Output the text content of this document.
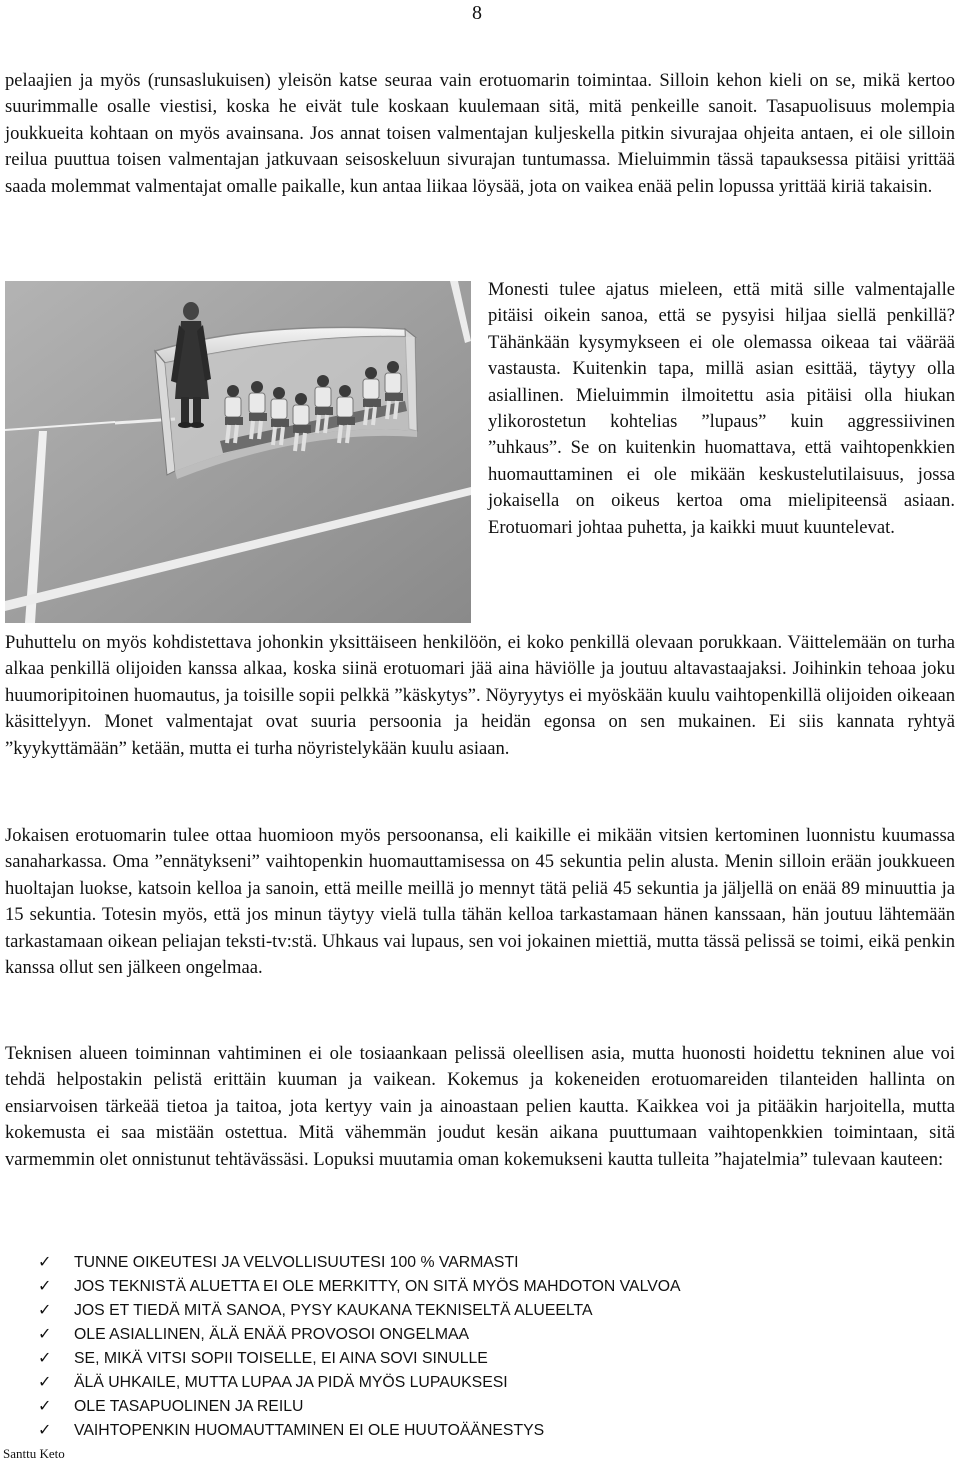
8

pelaajien ja myös (runsaslukuisen) yleisön katse seuraa vain erotuomarin toimintaa. Silloin kehon kieli on se, mikä kertoo suurimmalle osalle viestisi, koska he eivät tule koskaan kuulemaan sitä, mitä penkeille sanoit. Tasapuolisuus molempia joukkueita kohtaan on myös avainsana. Jos annat toisen valmentajan kuljeskella pitkin sivurajaa ohjeita antaen, ei ole silloin reilua puuttua toisen valmentajan jatkuvaan seisoskeluun sivurajan tuntumassa. Mieluimmin tässä tapauksessa pitäisi yrittää saada molemmat valmentajat omalle paikalle, kun antaa liikaa löysää, jota on vaikea enää pelin lopussa yrittää kiriä takaisin.

Monesti tulee ajatus mieleen, että mitä sille valmentajalle pitäisi oikein sanoa, että se pysyisi hiljaa siellä penkillä? Tähänkään kysymykseen ei ole olemassa oikeaa tai väärää vastausta. Kuitenkin tapa, millä asian esittää, täytyy olla asiallinen. Mieluimmin ilmoitettu asia pitäisi olla hiukan ylikorostetun kohtelias ”lupaus” kuin aggressiivinen ”uhkaus”. Se on kuitenkin huomattava, että vaihtopenkkien huomauttaminen ei ole mikään keskustelutilaisuus, jossa jokaisella on oikeus kertoa oma mielipiteensä asiaan. Erotuomari johtaa puhetta, ja kaikki muut kuuntelevat.

Puhuttelu on myös kohdistettava johonkin yksittäiseen henkilöön, ei koko penkillä olevaan porukkaan. Väittelemään on turha alkaa penkillä olijoiden kanssa alkaa, koska siinä erotuomari jää aina häviölle ja joutuu altavastaajaksi. Joihinkin tehoaa joku huumoripitoinen huomautus, ja toisille sopii pelkkä ”käskytys”. Nöyryytys ei myöskään kuulu vaihtopenkillä olijoiden oikeaan käsittelyyn. Monet valmentajat ovat suuria persoonia ja heidän egonsa on sen mukainen. Ei siis kannata ryhtyä ”kyykyttämään” ketään, mutta ei turha nöyristelykään kuulu asiaan.

Jokaisen erotuomarin tulee ottaa huomioon myös persoonansa, eli kaikille ei mikään vitsien kertominen luonnistu kuumassa sanaharkassa. Oma ”ennätykseni” vaihtopenkin huomauttamisessa on 45 sekuntia pelin alusta. Menin silloin erään joukkueen huoltajan luokse, katsoin kelloa ja sanoin, että meille meillä jo mennyt tätä peliä 45 sekuntia ja jäljellä on enää 89 minuuttia ja 15 sekuntia. Totesin myös, että jos minun täytyy vielä tulla tähän kelloa tarkastamaan hänen kanssaan, hän joutuu lähtemään tarkastamaan oikean peliajan teksti-tv:stä. Uhkaus vai lupaus, sen voi jokainen miettiä, mutta tässä pelissä se toimi, eikä penkin kanssa ollut sen jälkeen ongelmaa.

Teknisen alueen toiminnan vahtiminen ei ole tosiaankaan pelissä oleellisen asia, mutta huonosti hoidettu tekninen alue voi tehdä helpostakin pelistä erittäin kuuman ja vaikean. Kokemus ja kokeneiden erotuomareiden tilanteiden hallinta on ensiarvoisen tärkeää tietoa ja taitoa, jota kertyy vain ja ainoastaan pelien kautta. Kaikkea voi ja pitääkin harjoitella, mutta kokemusta ei saa mistään ostettua. Mitä vähemmän joudut kesän aikana puuttumaan vaihtopenkkien toimintaan, sitä varmemmin olet onnistunut tehtävässäsi. Lopuksi muutamia oman kokemukseni kautta tulleita ”hajatelmia” tulevaan kauteen:

✓	TUNNE OIKEUTESI JA VELVOLLISUUTESI 100 % VARMASTI
✓	JOS TEKNISTÄ ALUETTA EI OLE MERKITTY, ON SITÄ MYÖS MAHDOTON VALVOA
✓	JOS ET TIEDÄ MITÄ SANOA, PYSY KAUKANA TEKNISELTÄ ALUEELTA
✓	OLE ASIALLINEN, ÄLÄ ENÄÄ PROVOSOI ONGELMAA
✓	SE, MIKÄ VITSI SOPII TOISELLE, EI AINA SOVI SINULLE
✓	ÄLÄ UHKAILE, MUTTA LUPAA JA PIDÄ MYÖS LUPAUKSESI
✓	OLE TASAPUOLINEN JA REILU
✓	VAIHTOPENKIN HUOMAUTTAMINEN EI OLE HUUTOÄÄNESTYS
Santtu Keto
